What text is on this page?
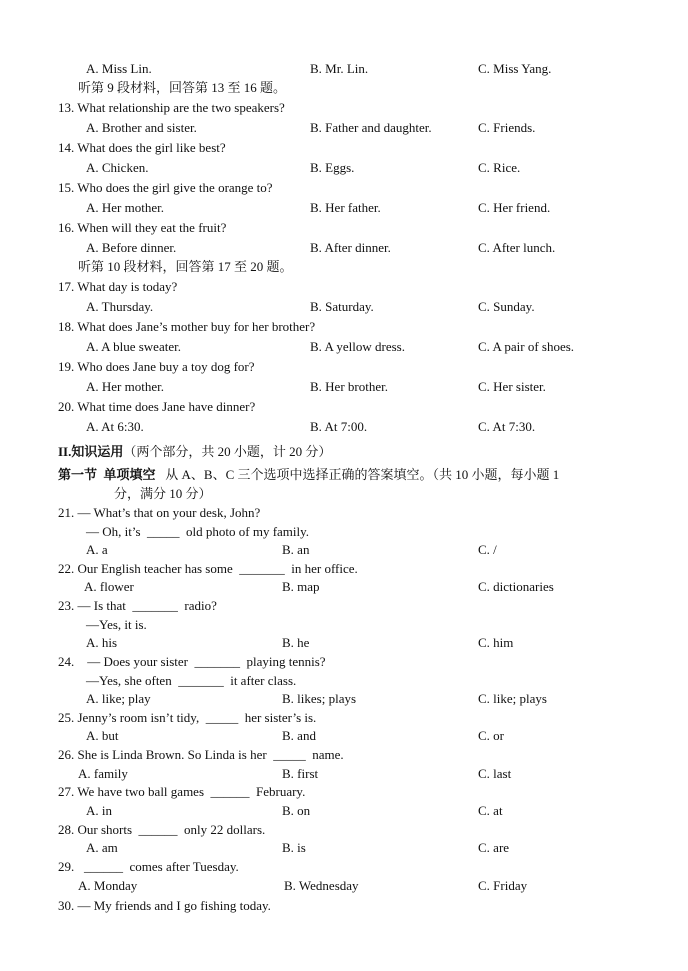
A. Miss Lin.	B. Mr. Lin.	C. Miss Yang.
听第 9 段材料，回答第 13 至 16 题。
13. What relationship are the two speakers?
A. Brother and sister.	B. Father and daughter.	C. Friends.
14. What does the girl like best?
A. Chicken.	B. Eggs.	C. Rice.
15. Who does the girl give the orange to?
A. Her mother.	B. Her father.	C. Her friend.
16. When will they eat the fruit?
A. Before dinner.	B. After dinner.	C. After lunch.
听第 10 段材料，回答第 17 至 20 题。
17. What day is today?
A. Thursday.	B. Saturday.	C. Sunday.
18. What does Jane’s mother buy for her brother?
A. A blue sweater.	B. A yellow dress.	C. A pair of shoes.
19. Who does Jane buy a toy dog for?
A. Her mother.	B. Her brother.	C. Her sister.
20. What time does Jane have dinner?
A. At 6:30.	B. At 7:00.	C. At 7:30.
II.知识运用（两个部分，共 20 小题，计 20 分）
第一节  单项填空   从 A、B、C 三个选项中选择正确的答案填空。（共 10 小题，每小题 1
分，满分 10 分）
21. — What’s that on your desk, John?
— Oh, it’s  _____  old photo of my family.
A. a	B. an	C. /
22. Our English teacher has some  _______  in her office.
A. flower	B. map	C. dictionaries
23. — Is that  _______  radio?
—Yes, it is.
A. his	B. he	C. him
24.    — Does your sister  _______  playing tennis?
—Yes, she often  _______  it after class.
A. like; play	B. likes; plays	C. like; plays
25. Jenny’s room isn’t tidy,  _____  her sister’s is.
A. but	B. and	C. or
26. She is Linda Brown. So Linda is her  _____  name.
A. family	B. first	C. last
27. We have two ball games  ______  February.
A. in	B. on	C. at
28. Our shorts  ______  only 22 dollars.
A. am	B. is	C. are
29.   ______  comes after Tuesday.
A. Monday	B. Wednesday	C. Friday
30. — My friends and I go fishing today.
